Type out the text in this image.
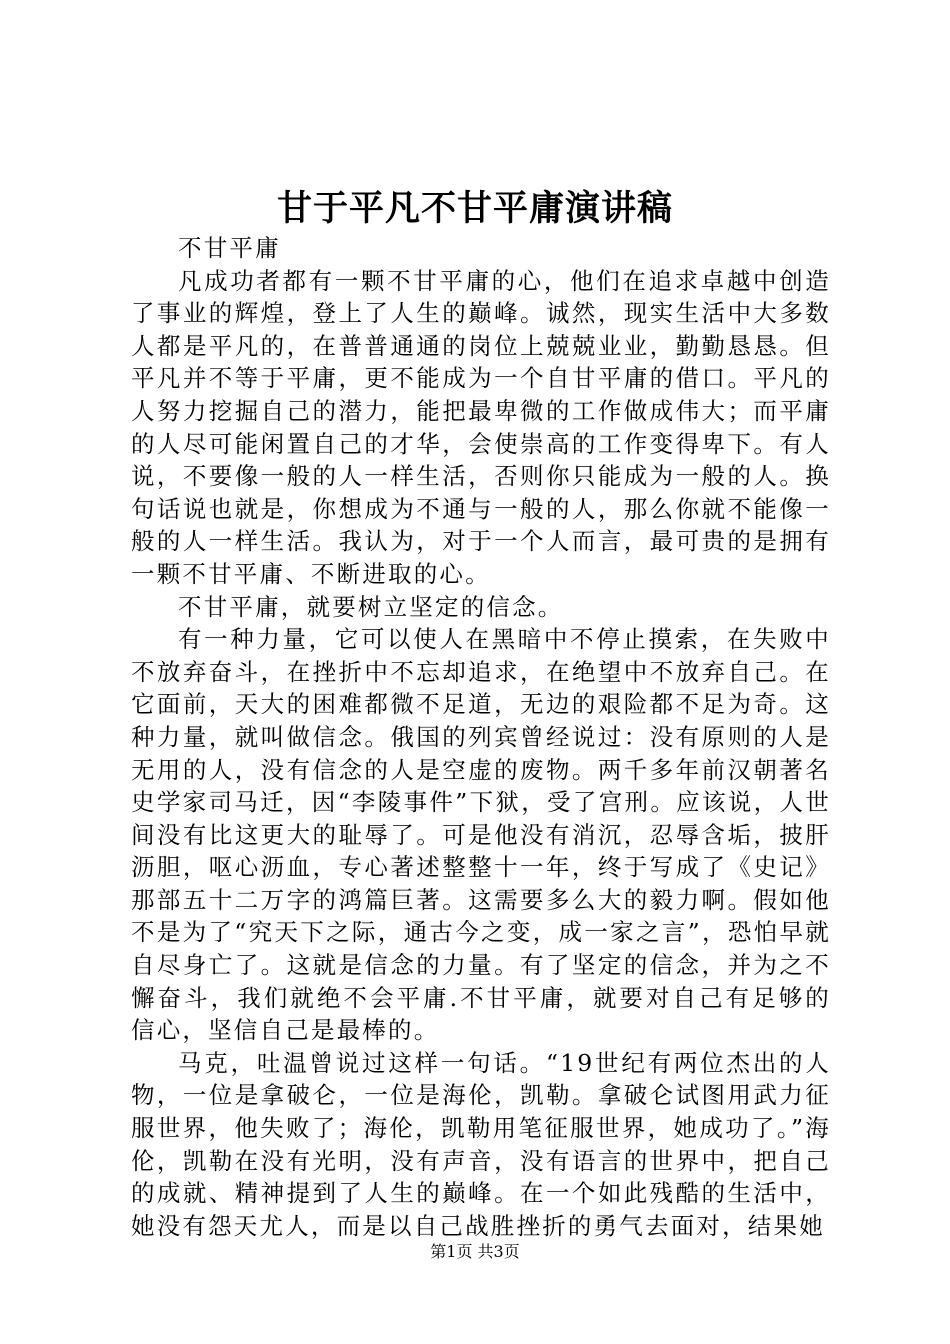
甘于平凡不甘平庸演讲稿

不甘平庸

凡成功者都有一颗不甘平庸的心，他们在追求卓越中创造了事业的辉煌，登上了人生的巅峰。诚然，现实生活中大多数人都是平凡的，在普普通通的岗位上兢兢业业，勤勤恳恳。但平凡并不等于平庸，更不能成为一个自甘平庸的借口。平凡的人努力挖掘自己的潜力，能把最卑微的工作做成伟大；而平庸的人尽可能闲置自己的才华，会使崇高的工作变得卑下。有人说，不要像一般的人一样生活，否则你只能成为一般的人。换句话说也就是，你想成为不通与一般的人，那么你就不能像一般的人一样生活。我认为，对于一个人而言，最可贵的是拥有一颗不甘平庸、不断进取的心。

不甘平庸，就要树立坚定的信念。

有一种力量，它可以使人在黑暗中不停止摸索，在失败中不放弃奋斗，在挫折中不忘却追求，在绝望中不放弃自己。在它面前，天大的困难都微不足道，无边的艰险都不足为奇。这种力量，就叫做信念。俄国的列宾曾经说过：没有原则的人是无用的人，没有信念的人是空虚的废物。两千多年前汉朝著名史学家司马迁，因“李陵事件”下狱，受了宫刑。应该说，人世间没有比这更大的耻辱了。可是他没有消沉，忍辱含垢，披肝沥胆，呕心沥血，专心著述整整十一年，终于写成了《史记》那部五十二万字的鸿篇巨著。这需要多么大的毅力啊。假如他不是为了“究天下之际，通古今之变，成一家之言”，恐怕早就自尽身亡了。这就是信念的力量。有了坚定的信念，并为之不懈奋斗，我们就绝不会平庸.不甘平庸，就要对自己有足够的信心，坚信自己是最棒的。

马克，吐温曾说过这样一句话。“19世纪有两位杰出的人物，一位是拿破仑，一位是海伦，凯勒。拿破仑试图用武力征服世界，他失败了；海伦，凯勒用笔征服世界，她成功了。”海伦，凯勒在没有光明，没有声音，没有语言的世界中，把自己的成就、精神提到了人生的巅峰。在一个如此残酷的生活中，她没有怨天尤人，而是以自己战胜挫折的勇气去面对，结果她

第1页 共3页
